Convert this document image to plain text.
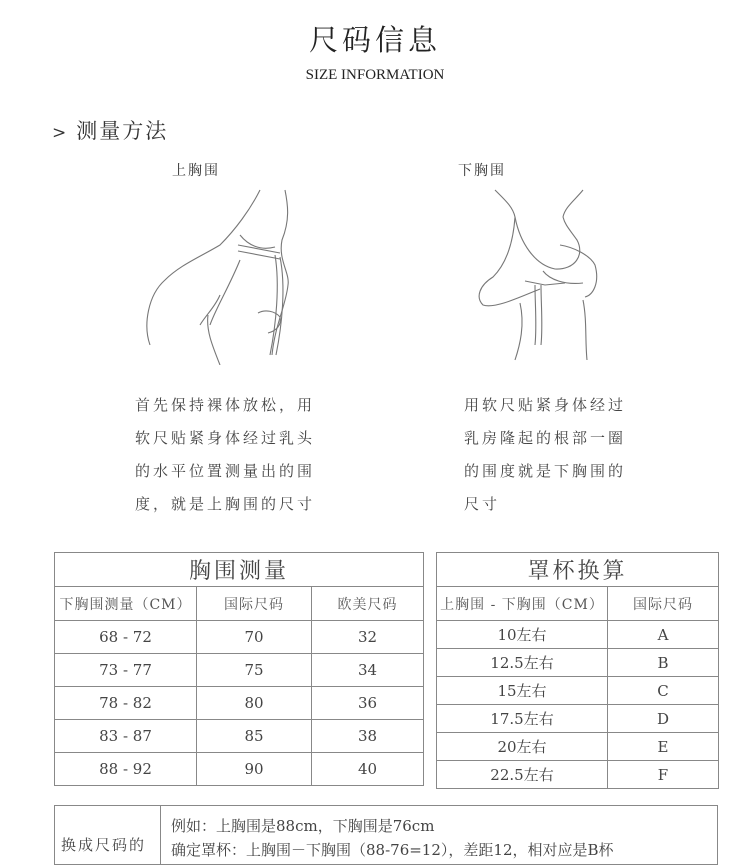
尺码信息
SIZE INFORMATION
> 测量方法
上胸围	下胸围
首先保持裸体放松，用
软尺贴紧身体经过乳头
的水平位置测量出的围
度，就是上胸围的尺寸
用软尺贴紧身体经过
乳房隆起的根部一圈
的围度就是下胸围的
尺寸
胸围测量		
下胸围测量（CM）	国际尺码	欧美尺码
68 - 72	70	32
73 - 77	75	34
78 - 82	80	36
83 - 87	85	38
88 - 92	90	40
罩杯换算	
上胸围 - 下胸围（CM）	国际尺码
10左右	A
12.5左右	B
15左右	C
17.5左右	D
20左右	E
22.5左右	F
换成尺码的
例如：上胸围是88cm，下胸围是76cm
确定罩杯：上胸围－下胸围（88-76=12），差距12，相对应是B杯
